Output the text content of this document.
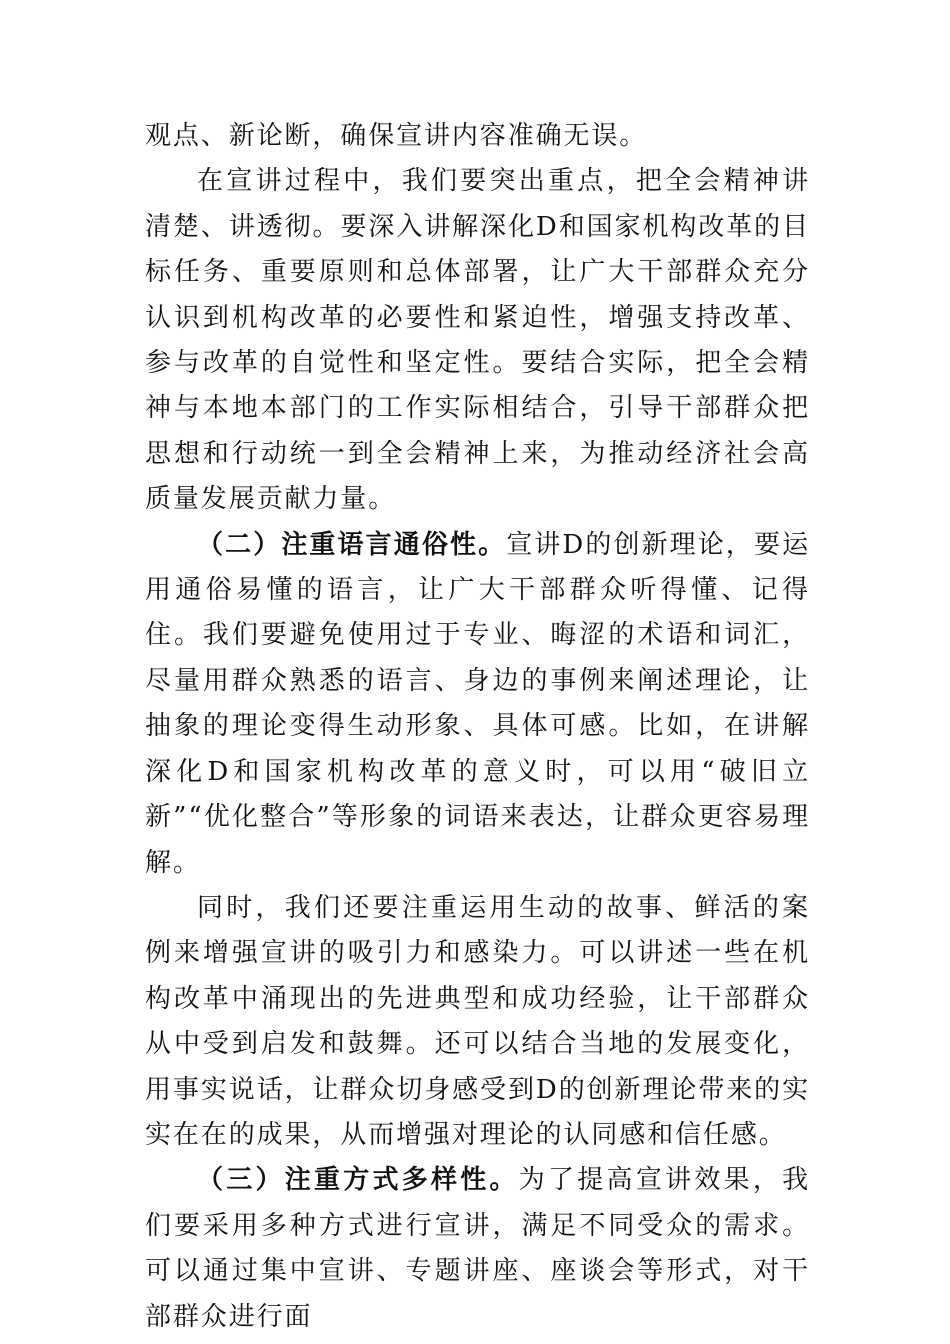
观点、新论断，确保宣讲内容准确无误。

在宣讲过程中，我们要突出重点，把全会精神讲清楚、讲透彻。要深入讲解深化D和国家机构改革的目标任务、重要原则和总体部署，让广大干部群众充分认识到机构改革的必要性和紧迫性，增强支持改革、参与改革的自觉性和坚定性。要结合实际，把全会精神与本地本部门的工作实际相结合，引导干部群众把思想和行动统一到全会精神上来，为推动经济社会高质量发展贡献力量。

（二）注重语言通俗性。宣讲D的创新理论，要运用通俗易懂的语言，让广大干部群众听得懂、记得住。我们要避免使用过于专业、晦涩的术语和词汇，尽量用群众熟悉的语言、身边的事例来阐述理论，让抽象的理论变得生动形象、具体可感。比如，在讲解深化D和国家机构改革的意义时，可以用“破旧立新”“优化整合”等形象的词语来表达，让群众更容易理解。

同时，我们还要注重运用生动的故事、鲜活的案例来增强宣讲的吸引力和感染力。可以讲述一些在机构改革中涌现出的先进典型和成功经验，让干部群众从中受到启发和鼓舞。还可以结合当地的发展变化，用事实说话，让群众切身感受到D的创新理论带来的实实在在的成果，从而增强对理论的认同感和信任感。

（三）注重方式多样性。为了提高宣讲效果，我们要采用多种方式进行宣讲，满足不同受众的需求。可以通过集中宣讲、专题讲座、座谈会等形式，对干部群众进行面
